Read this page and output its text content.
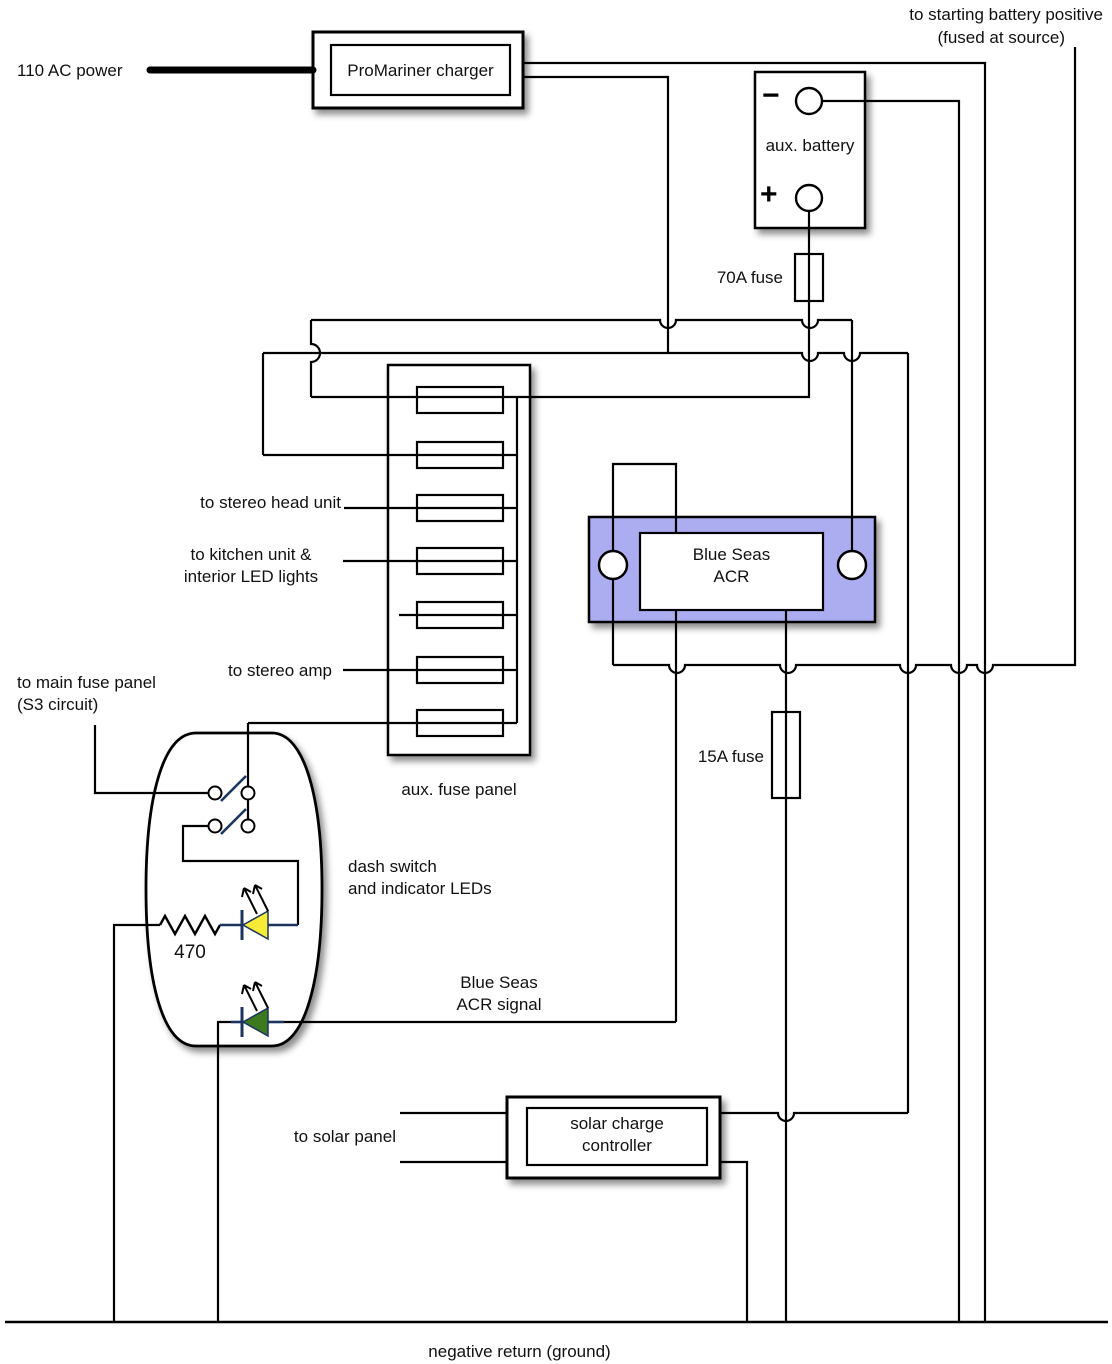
110 AC power	ProMariner charger
to starting battery positive
(fused at source)
aux. battery
−
+
70A fuse
to stereo head unit
to kitchen unit &
interior LED lights
to stereo amp
aux. fuse panel
to main fuse panel
(S3 circuit)
dash switch
and indicator LEDs
470
Blue Seas
ACR
Blue Seas
ACR signal
15A fuse
solar charge
controller
to solar panel
negative return (ground)
